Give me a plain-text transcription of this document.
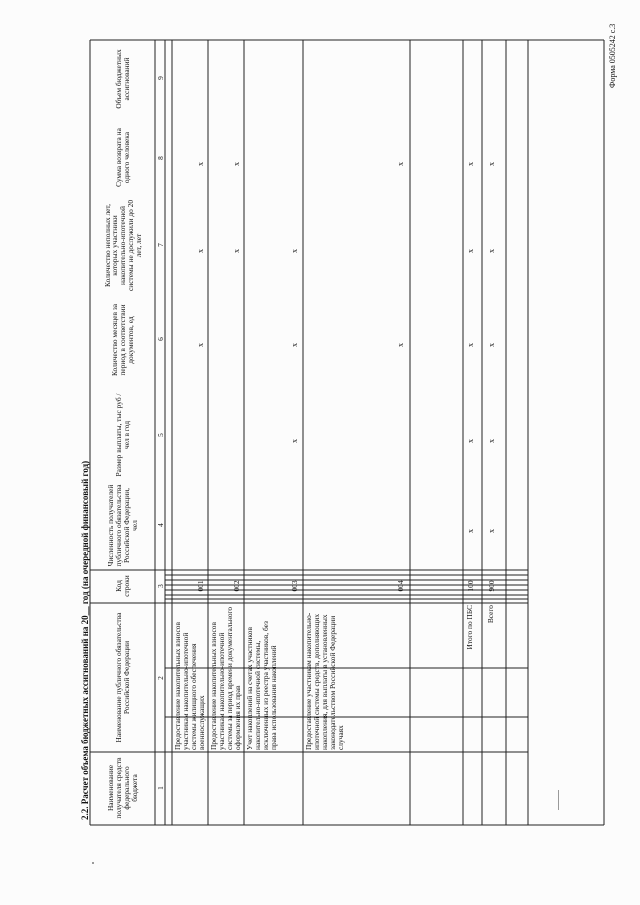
Форма 0505242 с.3
2.2. Расчет объема бюджетных ассигнований на 20__ год (на очередной финансовый год)	Наименование получателя средств федерального бюджета
Наименование публичного обязательства Российской Федерации
Код строки
Численность получателей публичного обязательства Российской Федерации, чел
Размер выплаты, тыс руб / чел в год
Количество месяцев за период в соответствии документов, ед
Количество неполных лет, которых участники накопительно-ипотечной системы не дослужили до 20 лет, лет
Сумма возврата на одного человека
Объем бюджетных ассигнований
1
2
3
4
5
6
7
8
9
Предоставление накопительных взносов участникам накопительно-ипотечной системы жилищного обеспечения военнослужащих
001
x
x
x
Предоставление накопительных взносов участникам накопительно-ипотечной системы за период времени документального оформления их прав
002
x
x
Учет накоплений на счетах участников накопительно-ипотечной системы, исключенных из реестра участников, без права использования накоплений
003
x
x
x
Предоставление участникам накопительно-ипотечной системы средств, дополняющих накопления, для выплаты в установленных законодательством Российской Федерации случаях
004
x
x
Итого по ПБС
100
x
x
x
x
x
Всего
900
x
x
x
x
x
